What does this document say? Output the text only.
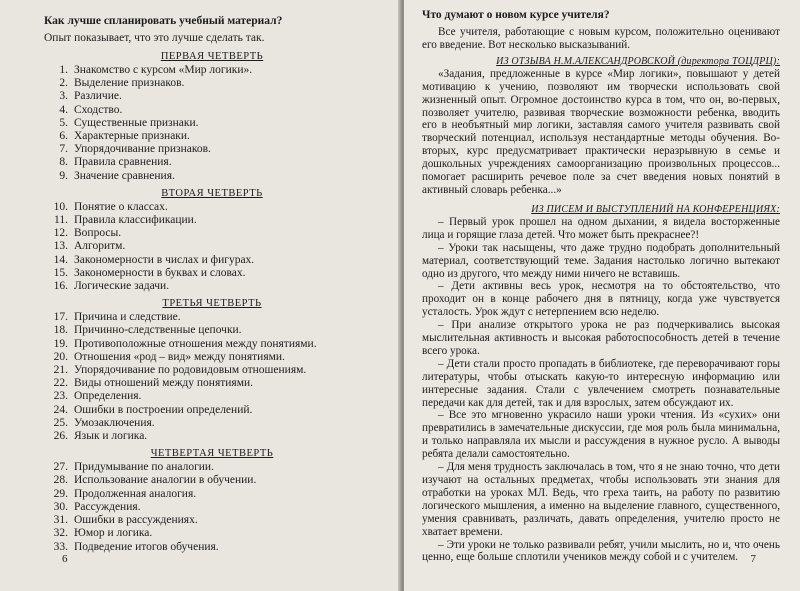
Как лучше спланировать учебный материал?

Опыт показывает, что это лучше сделать так.

ПЕРВАЯ ЧЕТВЕРТЬ
1. Знакомство с курсом «Мир логики».
2. Выделение признаков.
3. Различие.
4. Сходство.
5. Существенные признаки.
6. Характерные признаки.
7. Упорядочивание признаков.
8. Правила сравнения.
9. Значение сравнения.
ВТОРАЯ ЧЕТВЕРТЬ
10. Понятие о классах.
11. Правила классификации.
12. Вопросы.
13. Алгоритм.
14. Закономерности в числах и фигурах.
15. Закономерности в буквах и словах.
16. Логические задачи.
ТРЕТЬЯ ЧЕТВЕРТЬ
17. Причина и следствие.
18. Причинно-следственные цепочки.
19. Противоположные отношения между понятиями.
20. Отношения «род – вид» между понятиями.
21. Упорядочивание по родовидовым отношениям.
22. Виды отношений между понятиями.
23. Определения.
24. Ошибки в построении определений.
25. Умозаключения.
26. Язык и логика.
ЧЕТВЕРТАЯ ЧЕТВЕРТЬ
27. Придумывание по аналогии.
28. Использование аналогии в обучении.
29. Продолженная аналогия.
30. Рассуждения.
31. Ошибки в рассуждениях.
32. Юмор и логика.
33. Подведение итогов обучения.
6

Что думают о новом курсе учителя?

Все учителя, работающие с новым курсом, положительно оценивают его введение. Вот несколько высказываний.

ИЗ ОТЗЫВА Н.М.АЛЕКСАНДРОВСКОЙ (директора ТОЦДРЦ):

«Задания, предложенные в курсе «Мир логики», повышают у детей мотивацию к учению, позволяют им творчески использовать свой жизненный опыт. Огромное достоинство курса в том, что он, во-первых, позволяет учителю, развивая творческие возможности ребенка, вводить его в необъятный мир логики, заставляя самого учителя развивать свой творческий потенциал, используя нестандартные методы обучения. Во-вторых, курс предусматривает практически неразрывную в семье и дошкольных учреждениях самоорганизацию произвольных процессов... помогает расширить речевое поле за счет введения новых понятий в активный словарь ребенка...»

ИЗ ПИСЕМ И ВЫСТУПЛЕНИЙ НА КОНФЕРЕНЦИЯХ:

– Первый урок прошел на одном дыхании, я видела восторженные лица и горящие глаза детей. Что может быть прекраснее?!

– Уроки так насыщены, что даже трудно подобрать дополнительный материал, соответствующий теме. Задания настолько логично вытекают одно из другого, что между ними ничего не вставишь.

– Дети активны весь урок, несмотря на то обстоятельство, что проходит он в конце рабочего дня в пятницу, когда уже чувствуется усталость. Урок ждут с нетерпением всю неделю.

– При анализе открытого урока не раз подчеркивались высокая мыслительная активность и высокая работоспособность детей в течение всего урока.

– Дети стали просто пропадать в библиотеке, где переворачивают горы литературы, чтобы отыскать какую-то интересную информацию или интересные задания. Стали с увлечением смотреть познавательные передачи как для детей, так и для взрослых, затем обсуждают их.

– Все это мгновенно украсило наши уроки чтения. Из «сухих» они превратились в замечательные дискуссии, где моя роль была минимальна, и только направляла их мысли и рассуждения в нужное русло. А выводы ребята делали самостоятельно.

– Для меня трудность заключалась в том, что я не знаю точно, что дети изучают на остальных предметах, чтобы использовать эти знания для отработки на уроках МЛ. Ведь, что греха таить, на работу по развитию логического мышления, а именно на выделение главного, существенного, умения сравнивать, различать, давать определения, учителю просто не хватает времени.

– Эти уроки не только развивали ребят, учили мыслить, но и, что очень ценно, еще больше сплотили учеников между собой и с учителем.	7
